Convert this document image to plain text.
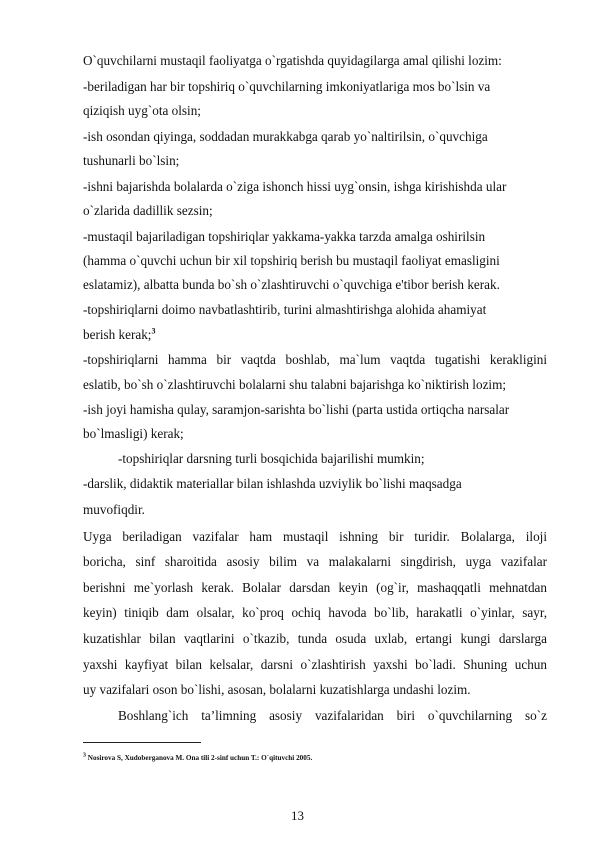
O`quvchilarni mustaqil faoliyatga o`rgatishda quyidagilarga amal qilishi lozim:

-beriladigan har bir topshiriq o`quvchilarning imkoniyatlariga mos bo`lsin va

qiziqish uyg`ota olsin;

-ish osondan qiyinga, soddadan murakkabga qarab yo`naltirilsin, o`quvchiga

tushunarli bo`lsin;

-ishni bajarishda bolalarda o`ziga ishonch hissi uyg`onsin, ishga kirishishda ular

o`zlarida dadillik sezsin;

-mustaqil bajariladigan topshiriqlar yakkama-yakka tarzda amalga oshirilsin

(hamma o`quvchi uchun bir xil topshiriq berish bu mustaqil faoliyat emasligini

eslatamiz), albatta bunda bo`sh o`zlashtiruvchi o`quvchiga e'tibor berish kerak.

-topshiriqlarni doimo navbatlashtirib, turini almashtirishga alohida ahamiyat

berish kerak;$^3$

-topshiriqlarni hamma bir vaqtda boshlab, ma`lum vaqtda tugatishi kerakligini

eslatib, bo`sh o`zlashtiruvchi bolalarni shu talabni bajarishga ko`niktirish lozim;

-ish joyi hamisha qulay, saramjon-sarishta bo`lishi (parta ustida ortiqcha narsalar

bo`lmasligi) kerak;

-topshiriqlar darsning turli bosqichida bajarilishi mumkin;

-darslik, didaktik materiallar bilan ishlashda uzviylik bo`lishi maqsadga

muvofiqdir.

Uyga beriladigan vazifalar ham mustaqil ishning bir turidir. Bolalarga, iloji

boricha, sinf sharoitida asosiy bilim va malakalarni singdirish, uyga vazifalar

berishni me`yorlash kerak. Bolalar darsdan keyin (og`ir, mashaqqatli mehnatdan

keyin) tiniqib dam olsalar, ko`proq ochiq havoda bo`lib, harakatli o`yinlar, sayr,

kuzatishlar bilan vaqtlarini o`tkazib, tunda osuda uxlab, ertangi kungi darslarga

yaxshi kayfiyat bilan kelsalar, darsni o`zlashtirish yaxshi bo`ladi. Shuning uchun

uy vazifalari oson bo`lishi, asosan, bolalarni kuzatishlarga undashi lozim.

Boshlang`ich ta’limning asosiy vazifalaridan biri o`quvchilarning so`z

$^3$ Nosirova S, Xudoberganova M. Ona tili 2-sinf uchun T.: O`qituvchi 2005.
13
